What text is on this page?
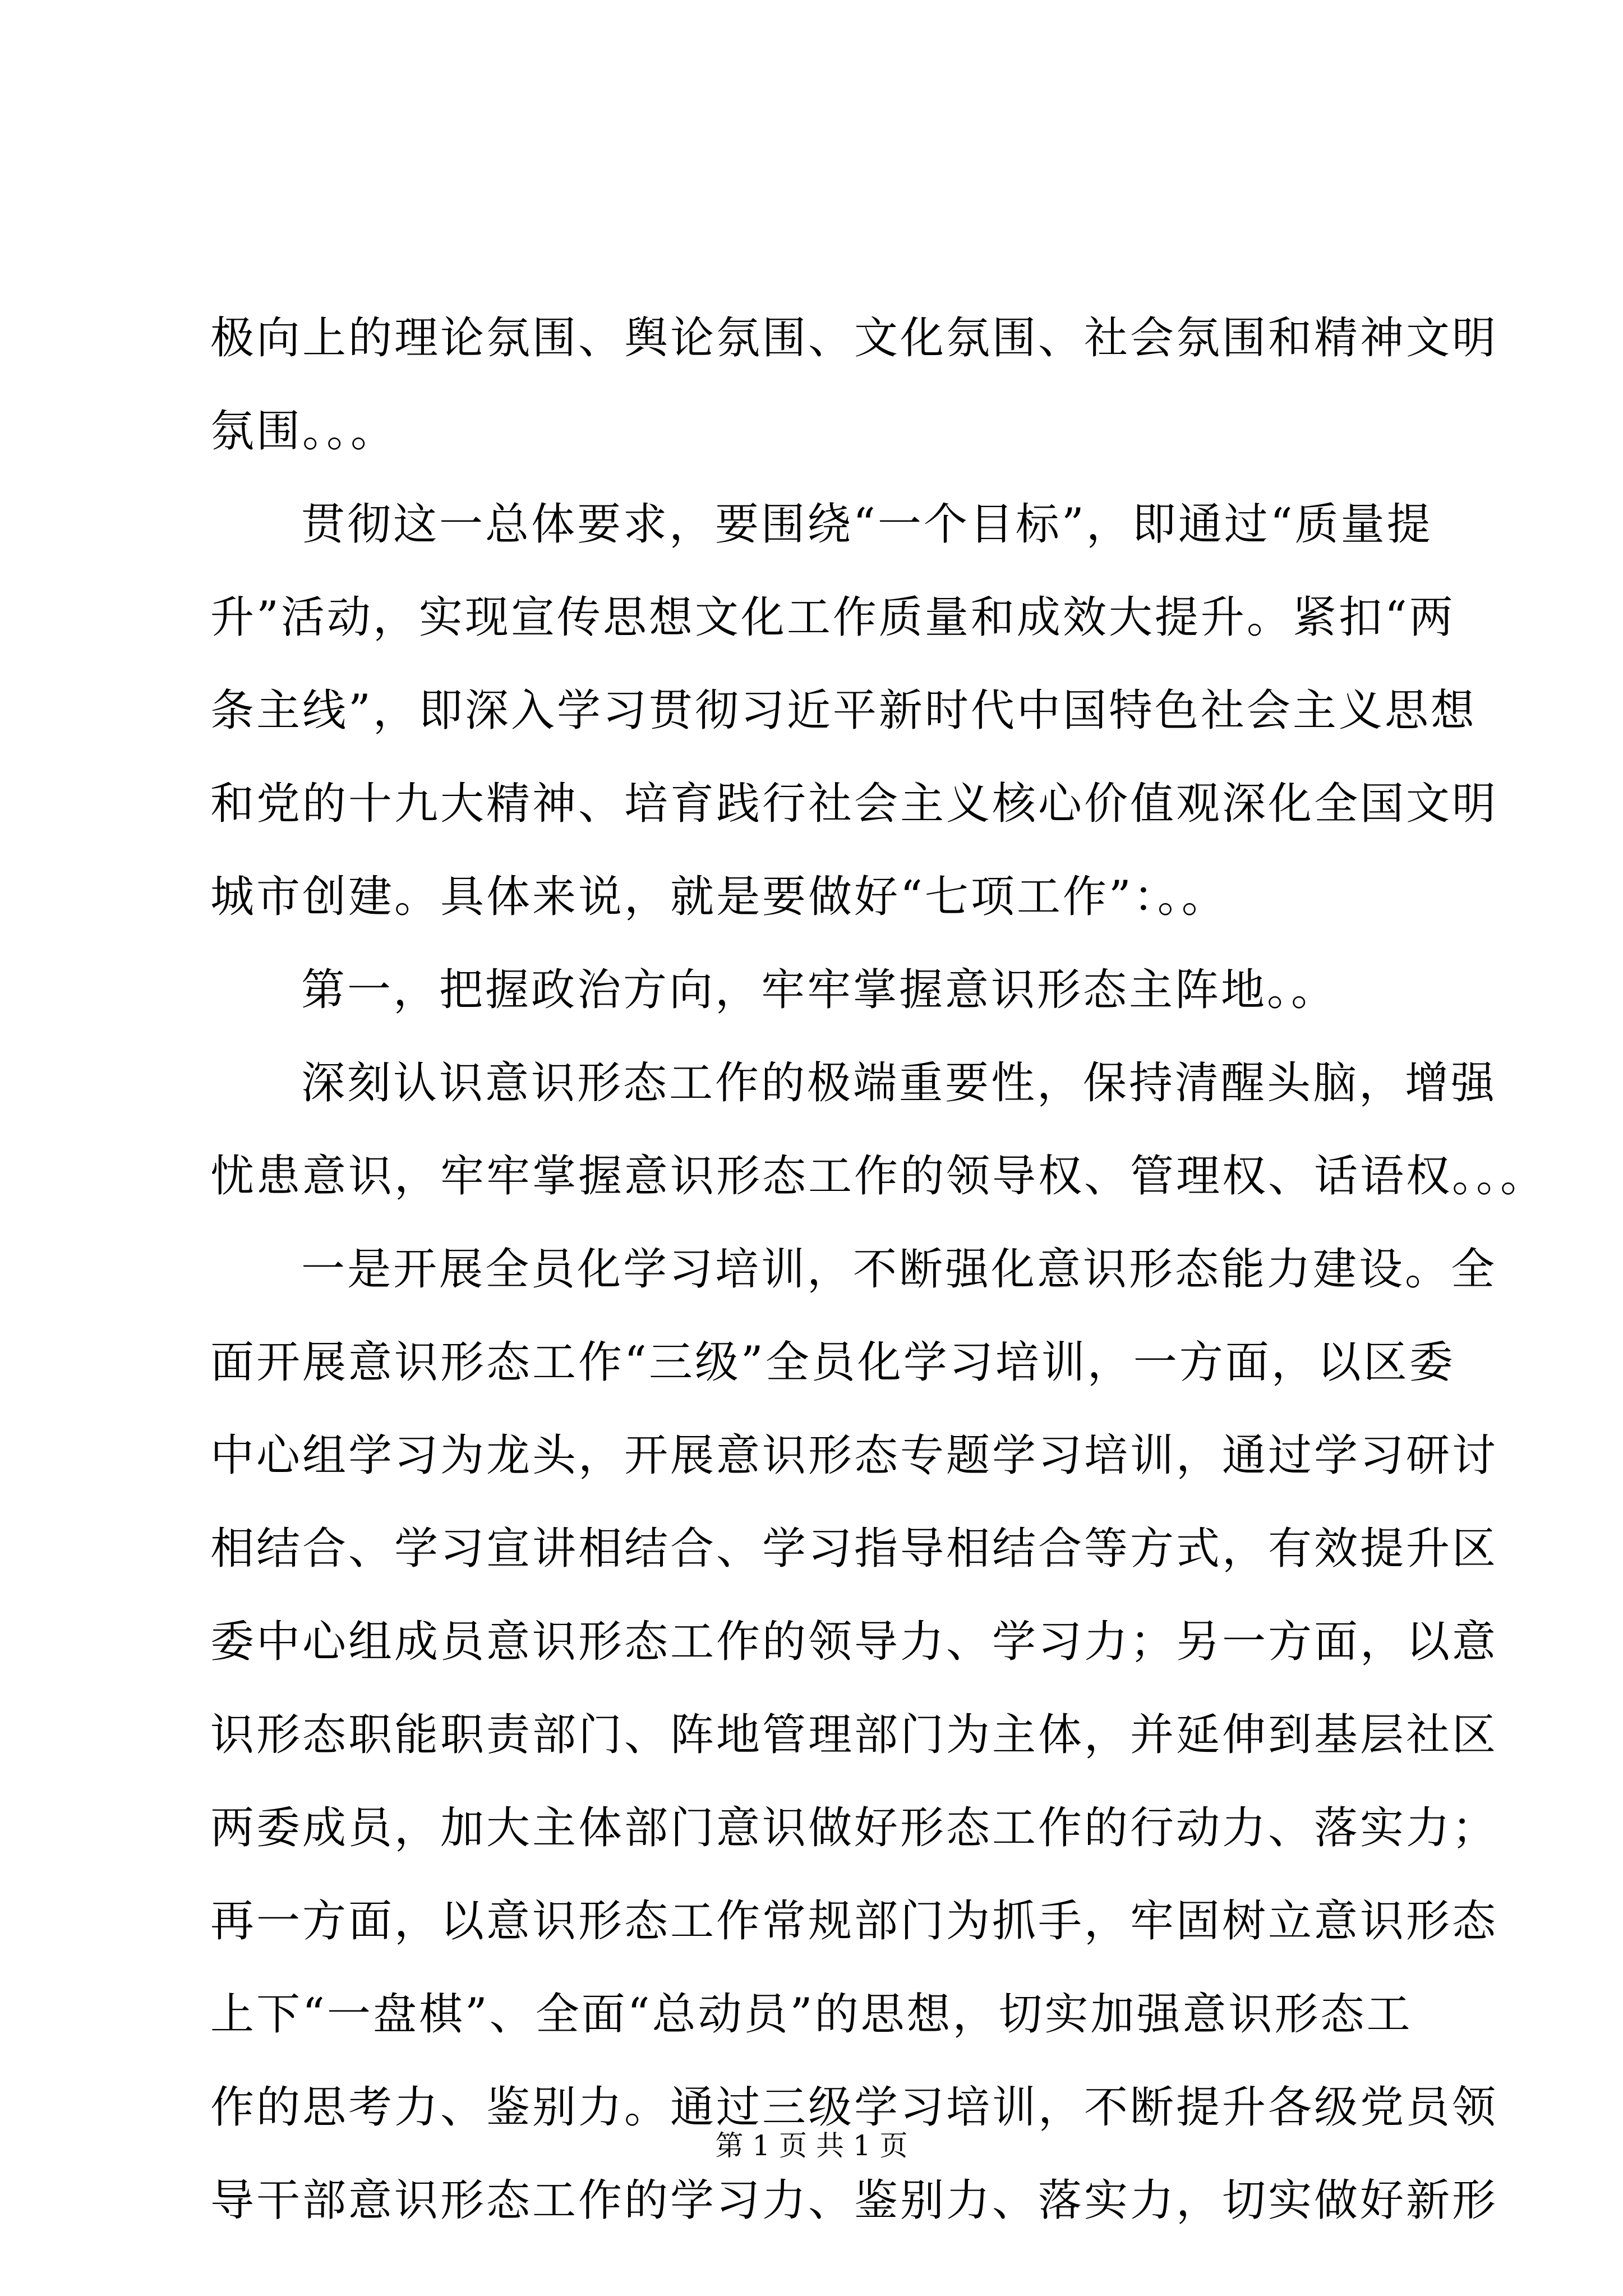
极向上的理论氛围、舆论氛围、文化氛围、社会氛围和精神文明
氛围。。。
贯彻这一总体要求，要围绕“一个目标”，即通过“质量提
升”活动，实现宣传思想文化工作质量和成效大提升。紧扣“两
条主线”，即深入学习贯彻习近平新时代中国特色社会主义思想
和党的十九大精神、培育践行社会主义核心价值观深化全国文明
城市创建。具体来说，就是要做好“七项工作”：。。
第一，把握政治方向，牢牢掌握意识形态主阵地。。
深刻认识意识形态工作的极端重要性，保持清醒头脑，增强
忧患意识，牢牢掌握意识形态工作的领导权、管理权、话语权。。。
一是开展全员化学习培训，不断强化意识形态能力建设。全
面开展意识形态工作“三级”全员化学习培训，一方面，以区委
中心组学习为龙头，开展意识形态专题学习培训，通过学习研讨
相结合、学习宣讲相结合、学习指导相结合等方式，有效提升区
委中心组成员意识形态工作的领导力、学习力；另一方面，以意
识形态职能职责部门、阵地管理部门为主体，并延伸到基层社区
两委成员，加大主体部门意识做好形态工作的行动力、落实力；
再一方面，以意识形态工作常规部门为抓手，牢固树立意识形态
上下“一盘棋”、全面“总动员”的思想，切实加强意识形态工
作的思考力、鉴别力。通过三级学习培训，不断提升各级党员领
导干部意识形态工作的学习力、鉴别力、落实力，切实做好新形
第 1 页 共 1 页
